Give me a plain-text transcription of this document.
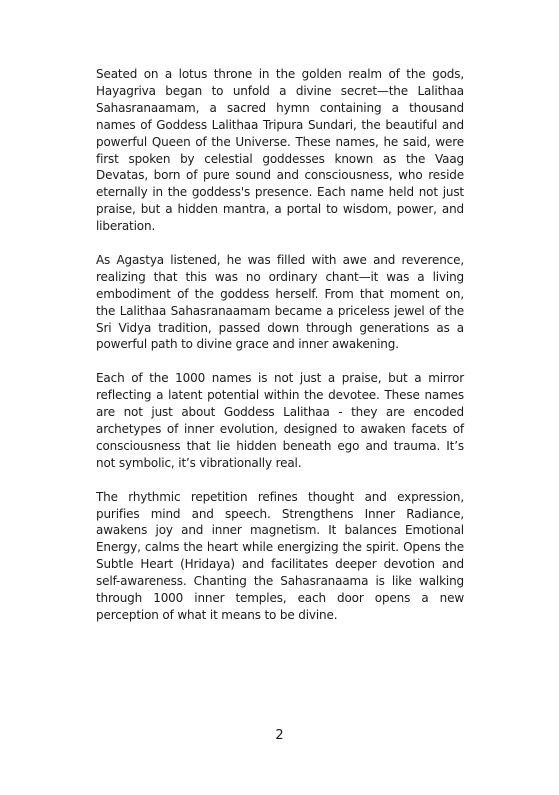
Seated on a lotus throne in the golden realm of the gods, Hayagriva began to unfold a divine secret—the Lalithaa Sahasranaamam, a sacred hymn containing a thousand names of Goddess Lalithaa Tripura Sundari, the beautiful and powerful Queen of the Universe. These names, he said, were first spoken by celestial goddesses known as the Vaag Devatas, born of pure sound and consciousness, who reside eternally in the goddess's presence. Each name held not just praise, but a hidden mantra, a portal to wisdom, power, and liberation.

As Agastya listened, he was filled with awe and reverence, realizing that this was no ordinary chant—it was a living embodiment of the goddess herself. From that moment on, the Lalithaa Sahasranaamam became a priceless jewel of the Sri Vidya tradition, passed down through generations as a powerful path to divine grace and inner awakening.

Each of the 1000 names is not just a praise, but a mirror reflecting a latent potential within the devotee. These names are not just about Goddess Lalithaa - they are encoded archetypes of inner evolution, designed to awaken facets of consciousness that lie hidden beneath ego and trauma. It’s not symbolic, it’s vibrationally real.

The rhythmic repetition refines thought and expression, purifies mind and speech. Strengthens Inner Radiance, awakens joy and inner magnetism. It balances Emotional Energy, calms the heart while energizing the spirit. Opens the Subtle Heart (Hridaya) and facilitates deeper devotion and self-awareness. Chanting the Sahasranaama is like walking through 1000 inner temples, each door opens a new perception of what it means to be divine.

2
